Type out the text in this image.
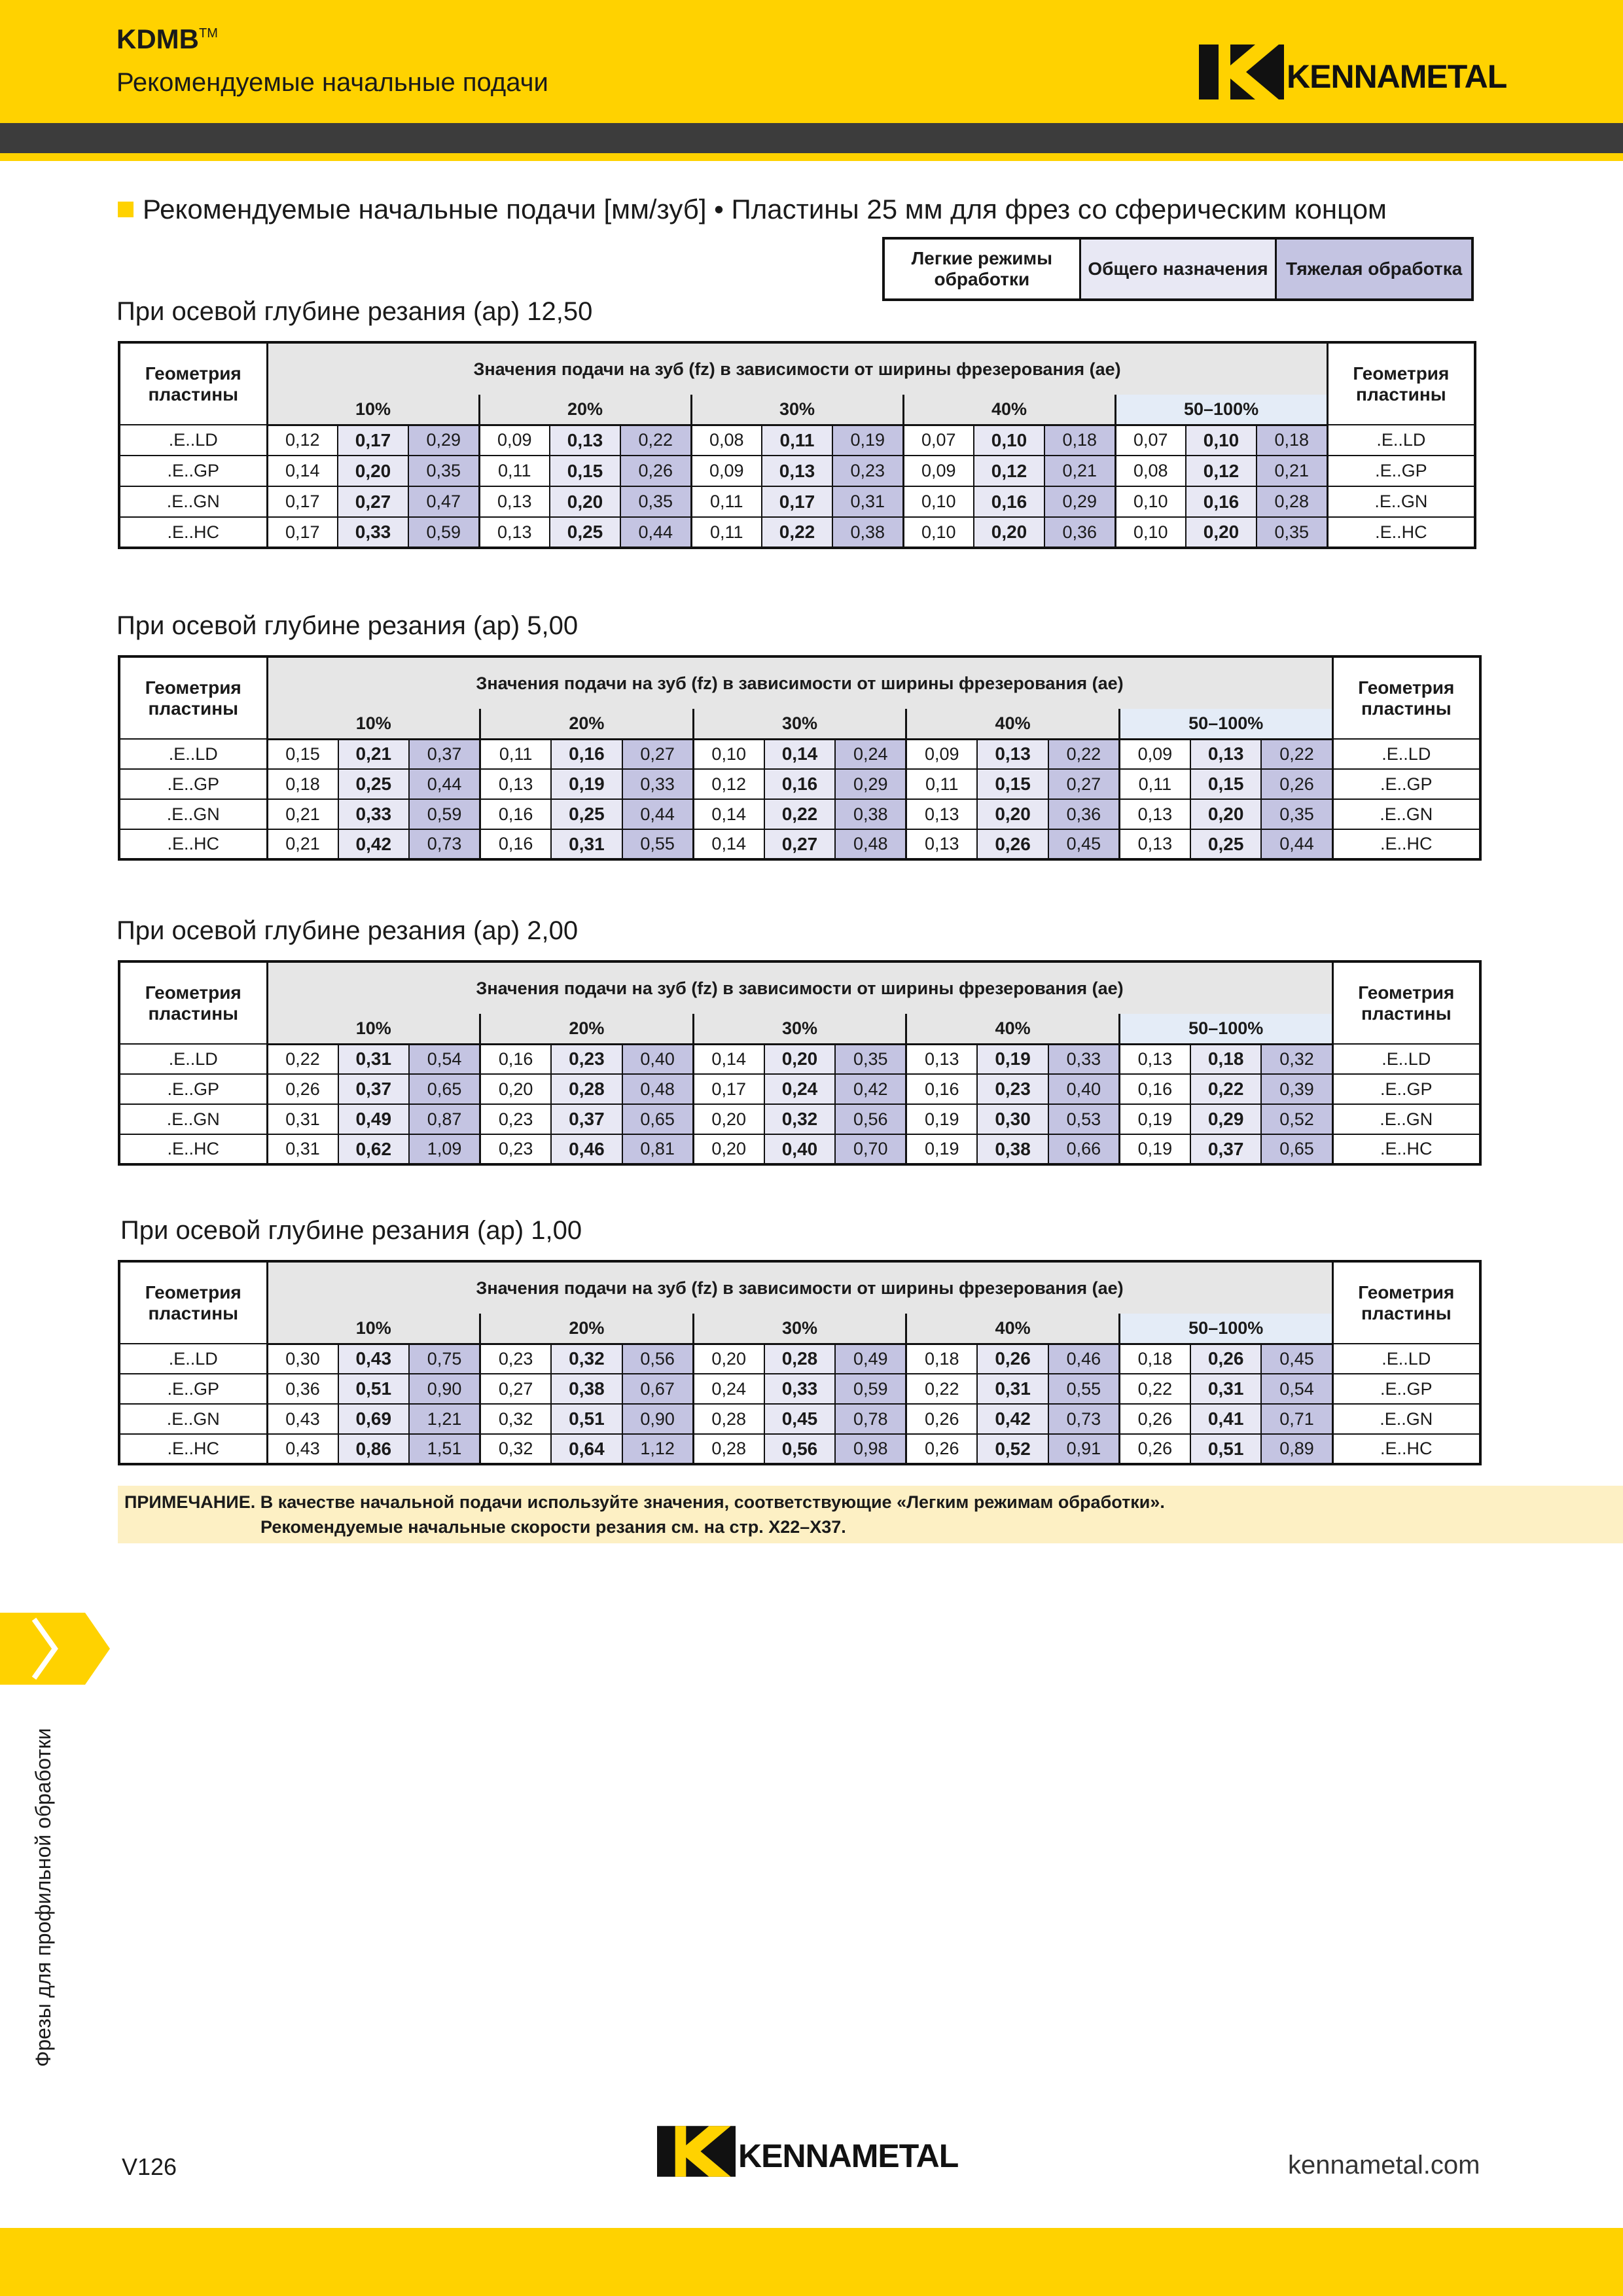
KDMB™
Рекомендуемые начальные подачи	KENNAMETAL
Рекомендуемые начальные подачи [мм/зуб] • Пластины 25 мм для фрез со сферическим концом
Легкие режимы обработки
Общего назначения Тяжелая обработка
При осевой глубине резания (ap) 12,50
Геометрия пластины	Значения подачи на зуб (fz) в зависимости от ширины фрезерования (ae)															Геометрия пластины
	10%			20%			30%			40%			50–100%			
.E..LD	0,12	0,17	0,29	0,09	0,13	0,22	0,08	0,11	0,19	0,07	0,10	0,18	0,07	0,10	0,18	.E..LD
.E..GP	0,14	0,20	0,35	0,11	0,15	0,26	0,09	0,13	0,23	0,09	0,12	0,21	0,08	0,12	0,21	.E..GP
.E..GN	0,17	0,27	0,47	0,13	0,20	0,35	0,11	0,17	0,31	0,10	0,16	0,29	0,10	0,16	0,28	.E..GN
.E..HC	0,17	0,33	0,59	0,13	0,25	0,44	0,11	0,22	0,38	0,10	0,20	0,36	0,10	0,20	0,35	.E..HC
При осевой глубине резания (ap) 5,00
Геометрия пластины	Значения подачи на зуб (fz) в зависимости от ширины фрезерования (ae)															Геометрия пластины
	10%			20%			30%			40%			50–100%			
.E..LD	0,15	0,21	0,37	0,11	0,16	0,27	0,10	0,14	0,24	0,09	0,13	0,22	0,09	0,13	0,22	.E..LD
.E..GP	0,18	0,25	0,44	0,13	0,19	0,33	0,12	0,16	0,29	0,11	0,15	0,27	0,11	0,15	0,26	.E..GP
.E..GN	0,21	0,33	0,59	0,16	0,25	0,44	0,14	0,22	0,38	0,13	0,20	0,36	0,13	0,20	0,35	.E..GN
.E..HC	0,21	0,42	0,73	0,16	0,31	0,55	0,14	0,27	0,48	0,13	0,26	0,45	0,13	0,25	0,44	.E..HC
При осевой глубине резания (ap) 2,00
Геометрия пластины	Значения подачи на зуб (fz) в зависимости от ширины фрезерования (ae)															Геометрия пластины
	10%			20%			30%			40%			50–100%			
.E..LD	0,22	0,31	0,54	0,16	0,23	0,40	0,14	0,20	0,35	0,13	0,19	0,33	0,13	0,18	0,32	.E..LD
.E..GP	0,26	0,37	0,65	0,20	0,28	0,48	0,17	0,24	0,42	0,16	0,23	0,40	0,16	0,22	0,39	.E..GP
.E..GN	0,31	0,49	0,87	0,23	0,37	0,65	0,20	0,32	0,56	0,19	0,30	0,53	0,19	0,29	0,52	.E..GN
.E..HC	0,31	0,62	1,09	0,23	0,46	0,81	0,20	0,40	0,70	0,19	0,38	0,66	0,19	0,37	0,65	.E..HC
При осевой глубине резания (ap) 1,00
Геометрия пластины	Значения подачи на зуб (fz) в зависимости от ширины фрезерования (ae)															Геометрия пластины
	10%			20%			30%			40%			50–100%			
.E..LD	0,30	0,43	0,75	0,23	0,32	0,56	0,20	0,28	0,49	0,18	0,26	0,46	0,18	0,26	0,45	.E..LD
.E..GP	0,36	0,51	0,90	0,27	0,38	0,67	0,24	0,33	0,59	0,22	0,31	0,55	0,22	0,31	0,54	.E..GP
.E..GN	0,43	0,69	1,21	0,32	0,51	0,90	0,28	0,45	0,78	0,26	0,42	0,73	0,26	0,41	0,71	.E..GN
.E..HC	0,43	0,86	1,51	0,32	0,64	1,12	0,28	0,56	0,98	0,26	0,52	0,91	0,26	0,51	0,89	.E..HC
ПРИМЕЧАНИЕ. В качестве начальной подачи используйте значения, соответствующие «Легким режимам обработки».
Рекомендуемые начальные скорости резания см. на стр. X22–X37.
Фрезы для профильной обработки
V126	KENNAMETAL	kennametal.com
